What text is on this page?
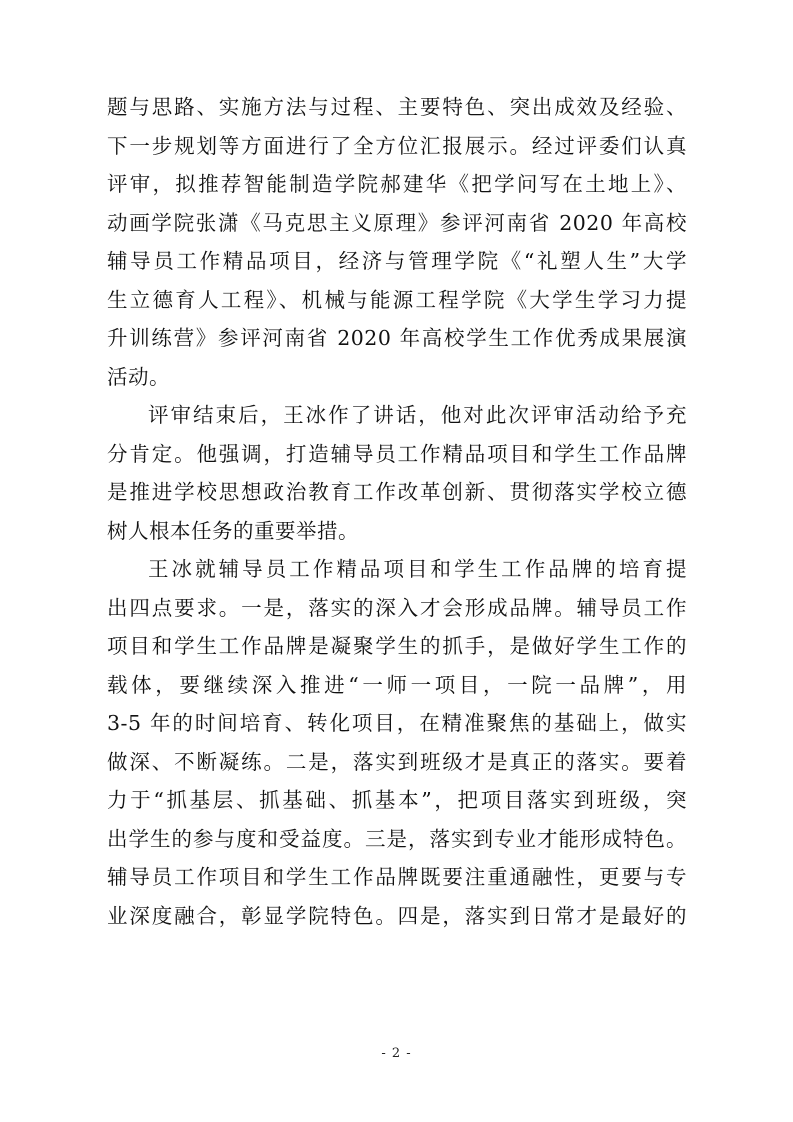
题与思路、实施方法与过程、主要特色、突出成效及经验、
下一步规划等方面进行了全方位汇报展示。经过评委们认真
评审，拟推荐智能制造学院郝建华《把学问写在土地上》、
动画学院张潇《马克思主义原理》参评河南省 2020 年高校
辅导员工作精品项目，经济与管理学院《“礼塑人生”大学
生立德育人工程》、机械与能源工程学院《大学生学习力提
升训练营》参评河南省 2020 年高校学生工作优秀成果展演
活动。
评审结束后，王冰作了讲话，他对此次评审活动给予充
分肯定。他强调，打造辅导员工作精品项目和学生工作品牌
是推进学校思想政治教育工作改革创新、贯彻落实学校立德
树人根本任务的重要举措。
王冰就辅导员工作精品项目和学生工作品牌的培育提
出四点要求。一是，落实的深入才会形成品牌。辅导员工作
项目和学生工作品牌是凝聚学生的抓手，是做好学生工作的
载体，要继续深入推进“一师一项目，一院一品牌”，用
3-5 年的时间培育、转化项目，在精准聚焦的基础上，做实
做深、不断凝练。二是，落实到班级才是真正的落实。要着
力于“抓基层、抓基础、抓基本”，把项目落实到班级，突
出学生的参与度和受益度。三是，落实到专业才能形成特色。
辅导员工作项目和学生工作品牌既要注重通融性，更要与专
业深度融合，彰显学院特色。四是，落实到日常才是最好的
- 2 -
